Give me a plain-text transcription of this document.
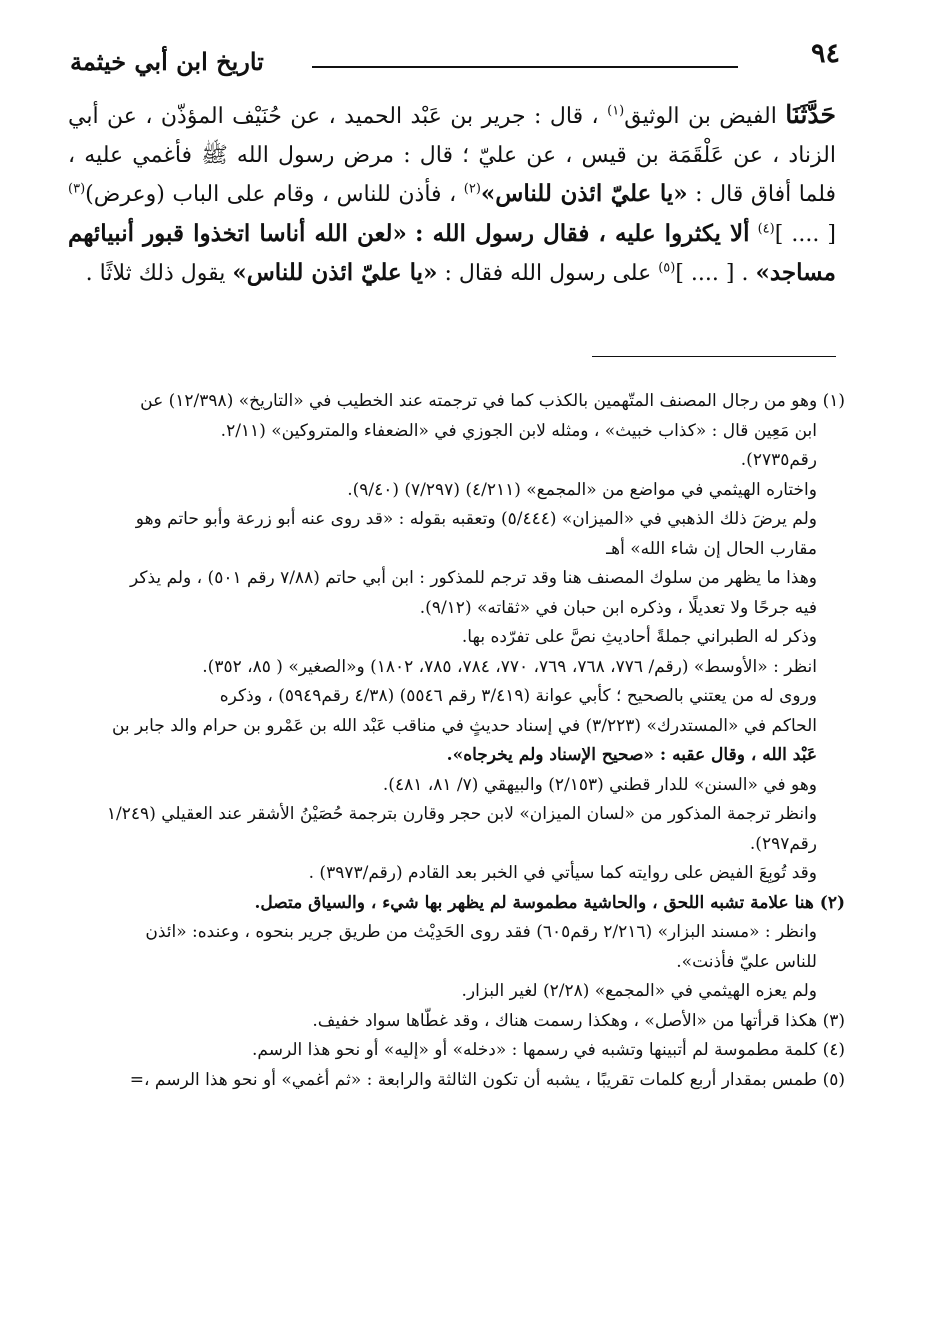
٩٤
تاريخ ابن أبي خيثمة

حَدَّثَنَا الفيض بن الوثيق$^{(١)}$ ، قال : جرير بن عَبْد الحميد ، عن حُنَيْف المؤذّن ، عن أبي الزناد ، عن عَلْقَمَة بن قيس ، عن عليّ ؛ قال : مرض رسول الله ﷺ فأغمي عليه ، فلما أفاق قال : «يا عليّ ائذن للناس»$^{(٢)}$ ، فأذن للناس ، وقام على الباب (وعرض)$^{(٣)}$ [ .... ]$^{(٤)}$ ألا يكثروا عليه ، فقال رسول الله : «لعن الله أناسا اتخذوا قبور أنبيائهم مساجد» . [ .... ]$^{(٥)}$ على رسول الله فقال : «يا عليّ ائذن للناس» يقول ذلك ثلاثًا .

(١) وهو من رجال المصنف المتّهمين بالكذب كما في ترجمته عند الخطيب في «التاريخ» (١٢/٣٩٨) عن

ابن مَعِين قال : «كذاب خبيث» ، ومثله لابن الجوزي في «الضعفاء والمتروكين» (٢/١١.

رقم٢٧٣٥).

واختاره الهيثمي في مواضع من «المجمع» (٤/٢١١) (٧/٢٩٧) (٩/٤٠).

ولم يرضَ ذلك الذهبي في «الميزان» (٥/٤٤٤) وتعقبه بقوله : «قد روى عنه أبو زرعة وأبو حاتم وهو

مقارب الحال إن شاء الله» أهـ

وهذا ما يظهر من سلوك المصنف هنا وقد ترجم للمذكور : ابن أبي حاتم (٧/٨٨ رقم ٥٠١) ، ولم يذكر

فيه جرحًا ولا تعديلًا ، وذكره ابن حبان في «ثقاته» (٩/١٢).

وذكر له الطبراني جملةً أحاديثِ نصَّ على تفرّده بها.

انظر : «الأوسط» (رقم/ ٧٧٦، ٧٦٨، ٧٦٩، ٧٧٠، ٧٨٤، ٧٨٥، ١٨٠٢) و«الصغير» ( ٨٥، ٣٥٢).

وروى له من يعتني بالصحيح ؛ كأبي عوانة (٣/٤١٩ رقم ٥٥٤٦) (٤/٣٨ رقم٥٩٤٩) ، وذكره

الحاكم في «المستدرك» (٣/٢٢٣) في إسناد حديثٍ في مناقب عَبْد الله بن عَمْرو بن حرام والد جابر بن

عَبْد الله ، وقال عقبه : «صحيح الإسناد ولم يخرجاه».

وهو في «السنن» للدار قطني (٢/١٥٣) والبيهقي (٧/ ٨١، ٤٨١).

وانظر ترجمة المذكور من «لسان الميزان» لابن حجر وقارن بترجمة حُصَيْنُ الأشقر عند العقيلي (١/٢٤٩

رقم٢٩٧).

وقد تُوبِعَ الفيض على روايته كما سيأتي في الخبر بعد القادم (رقم/٣٩٧٣) .

(٢) هنا علامة تشبه اللحق ، والحاشية مطموسة لم يظهر بها شيء ، والسياق متصل.

وانظر : «مسند البزار» (٢/٢١٦ رقم٦٠٥) فقد روى الحَدِيْث من طريق جرير بنحوه ، وعنده: «ائذن

للناس عليّ فأذنت».

ولم يعزه الهيثمي في «المجمع» (٢/٢٨) لغير البزار.

(٣) هكذا قرأتها من «الأصل» ، وهكذا رسمت هناك ، وقد غطّاها سواد خفيف.

(٤) كلمة مطموسة لم أتبينها وتشبه في رسمها : «دخله» أو «إليه» أو نحو هذا الرسم.

(٥) طمس بمقدار أربع كلمات تقريبًا ، يشبه أن تكون الثالثة والرابعة : «ثم أغمي» أو نحو هذا الرسم ،=
